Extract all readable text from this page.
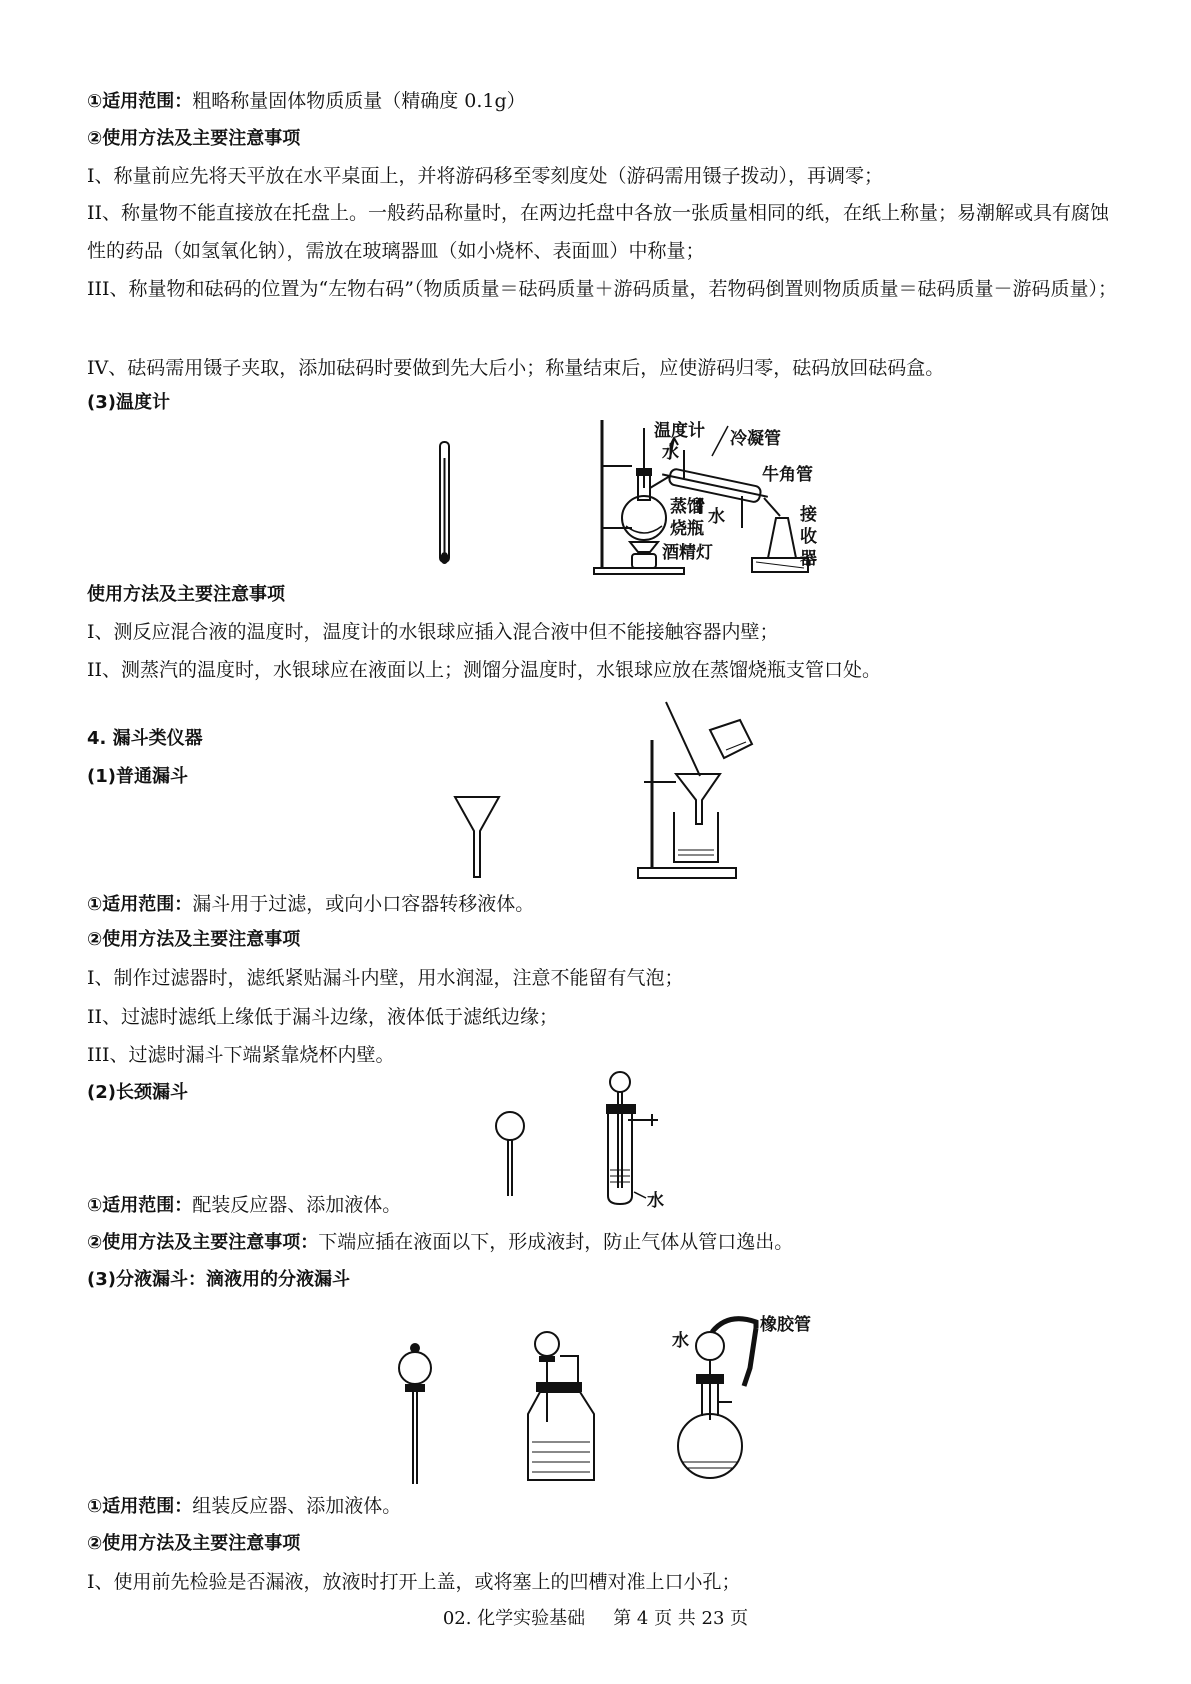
①适用范围：粗略称量固体物质质量（精确度 0.1g）
②使用方法及主要注意事项
I、称量前应先将天平放在水平桌面上，并将游码移至零刻度处（游码需用镊子拨动），再调零；
II、称量物不能直接放在托盘上。一般药品称量时，在两边托盘中各放一张质量相同的纸，在纸上称量；易潮解或具有腐蚀性的药品（如氢氧化钠），需放在玻璃器皿（如小烧杯、表面皿）中称量；
III、称量物和砝码的位置为“左物右码”（物质质量＝砝码质量＋游码质量，若物码倒置则物质质量＝砝码质量－游码质量）；
IV、砝码需用镊子夹取，添加砝码时要做到先大后小；称量结束后，应使游码归零，砝码放回砝码盒。
(3)温度计
温度计
水
冷凝管
牛角管
蒸馏
烧瓶
水	接
收
器
酒精灯
使用方法及主要注意事项
I、测反应混合液的温度时，温度计的水银球应插入混合液中但不能接触容器内壁；
II、测蒸汽的温度时，水银球应在液面以上；测馏分温度时，水银球应放在蒸馏烧瓶支管口处。
4. 漏斗类仪器
(1)普通漏斗
①适用范围：漏斗用于过滤，或向小口容器转移液体。
②使用方法及主要注意事项
I、制作过滤器时，滤纸紧贴漏斗内壁，用水润湿，注意不能留有气泡；
II、过滤时滤纸上缘低于漏斗边缘，液体低于滤纸边缘；
III、过滤时漏斗下端紧靠烧杯内壁。
(2)长颈漏斗
水
①适用范围：配装反应器、添加液体。
②使用方法及主要注意事项：下端应插在液面以下，形成液封，防止气体从管口逸出。
(3)分液漏斗：滴液用的分液漏斗
水
橡胶管
①适用范围：组装反应器、添加液体。
②使用方法及主要注意事项
I、使用前先检验是否漏液，放液时打开上盖，或将塞上的凹槽对准上口小孔；
02. 化学实验基础 第 4 页 共 23 页
